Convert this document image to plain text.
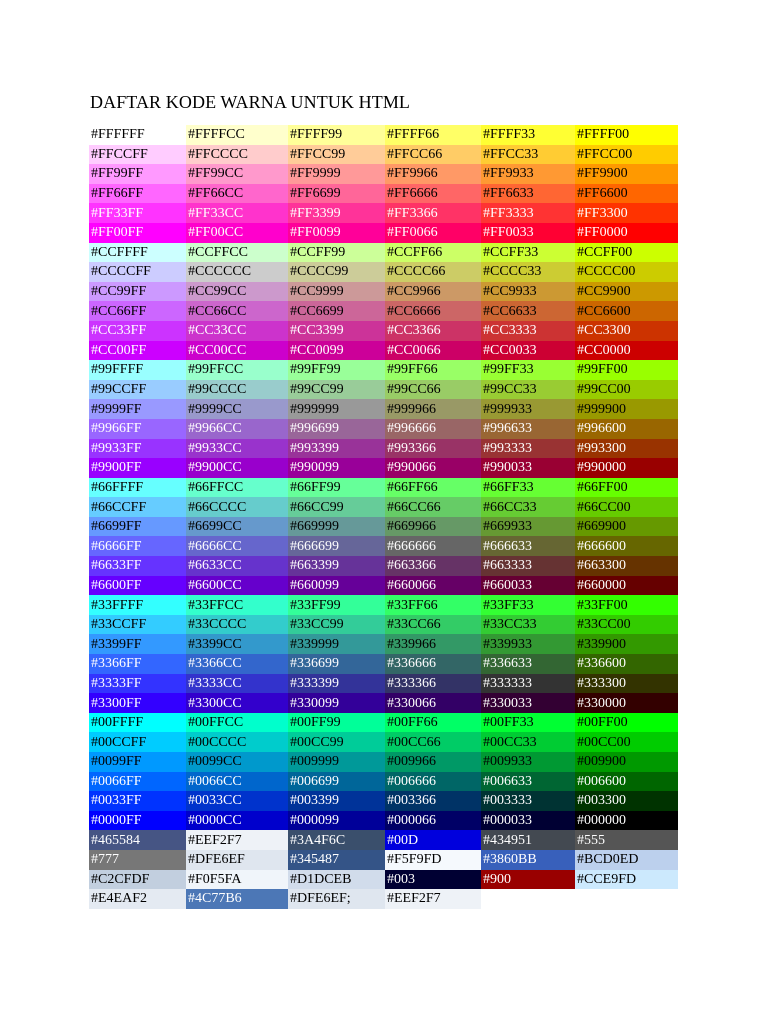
DAFTAR KODE WARNA UNTUK HTML
#FFFFFF	#FFFFCC	#FFFF99	#FFFF66	#FFFF33	#FFFF00
#FFCCFF	#FFCCCC	#FFCC99	#FFCC66	#FFCC33	#FFCC00
#FF99FF	#FF99CC	#FF9999	#FF9966	#FF9933	#FF9900
#FF66FF	#FF66CC	#FF6699	#FF6666	#FF6633	#FF6600
#FF33FF	#FF33CC	#FF3399	#FF3366	#FF3333	#FF3300
#FF00FF	#FF00CC	#FF0099	#FF0066	#FF0033	#FF0000
#CCFFFF	#CCFFCC	#CCFF99	#CCFF66	#CCFF33	#CCFF00
#CCCCFF	#CCCCCC	#CCCC99	#CCCC66	#CCCC33	#CCCC00
#CC99FF	#CC99CC	#CC9999	#CC9966	#CC9933	#CC9900
#CC66FF	#CC66CC	#CC6699	#CC6666	#CC6633	#CC6600
#CC33FF	#CC33CC	#CC3399	#CC3366	#CC3333	#CC3300
#CC00FF	#CC00CC	#CC0099	#CC0066	#CC0033	#CC0000
#99FFFF	#99FFCC	#99FF99	#99FF66	#99FF33	#99FF00
#99CCFF	#99CCCC	#99CC99	#99CC66	#99CC33	#99CC00
#9999FF	#9999CC	#999999	#999966	#999933	#999900
#9966FF	#9966CC	#996699	#996666	#996633	#996600
#9933FF	#9933CC	#993399	#993366	#993333	#993300
#9900FF	#9900CC	#990099	#990066	#990033	#990000
#66FFFF	#66FFCC	#66FF99	#66FF66	#66FF33	#66FF00
#66CCFF	#66CCCC	#66CC99	#66CC66	#66CC33	#66CC00
#6699FF	#6699CC	#669999	#669966	#669933	#669900
#6666FF	#6666CC	#666699	#666666	#666633	#666600
#6633FF	#6633CC	#663399	#663366	#663333	#663300
#6600FF	#6600CC	#660099	#660066	#660033	#660000
#33FFFF	#33FFCC	#33FF99	#33FF66	#33FF33	#33FF00
#33CCFF	#33CCCC	#33CC99	#33CC66	#33CC33	#33CC00
#3399FF	#3399CC	#339999	#339966	#339933	#339900
#3366FF	#3366CC	#336699	#336666	#336633	#336600
#3333FF	#3333CC	#333399	#333366	#333333	#333300
#3300FF	#3300CC	#330099	#330066	#330033	#330000
#00FFFF	#00FFCC	#00FF99	#00FF66	#00FF33	#00FF00
#00CCFF	#00CCCC	#00CC99	#00CC66	#00CC33	#00CC00
#0099FF	#0099CC	#009999	#009966	#009933	#009900
#0066FF	#0066CC	#006699	#006666	#006633	#006600
#0033FF	#0033CC	#003399	#003366	#003333	#003300
#0000FF	#0000CC	#000099	#000066	#000033	#000000
#465584	#EEF2F7	#3A4F6C	#00D	#434951	#555
#777	#DFE6EF	#345487	#F5F9FD	#3860BB	#BCD0ED
#C2CFDF	#F0F5FA	#D1DCEB	#003	#900	#CCE9FD
#E4EAF2	#4C77B6	#DFE6EF;	#EEF2F7		
